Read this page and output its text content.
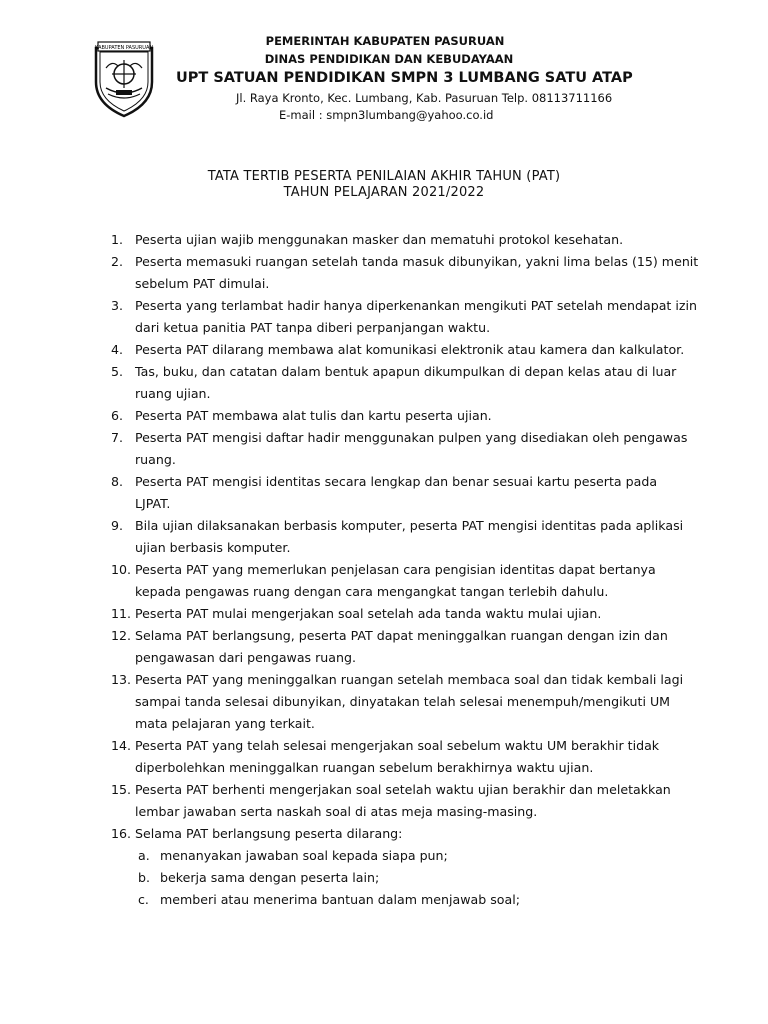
KABUPATEN PASURUAN	PEMERINTAH KABUPATEN PASURUAN
DINAS PENDIDIKAN DAN KEBUDAYAAN
UPT SATUAN PENDIDIKAN SMPN 3 LUMBANG SATU ATAP
Jl. Raya Kronto, Kec. Lumbang, Kab. Pasuruan Telp. 08113711166
E-mail : smpn3lumbang@yahoo.co.id
TATA TERTIB PESERTA PENILAIAN AKHIR TAHUN (PAT)
TAHUN PELAJARAN 2021/2022
1. Peserta ujian wajib menggunakan masker dan mematuhi protokol kesehatan.
2. Peserta memasuki ruangan setelah tanda masuk dibunyikan, yakni lima belas (15) menit
sebelum PAT dimulai.
3. Peserta yang terlambat hadir hanya diperkenankan mengikuti PAT setelah mendapat izin
dari ketua panitia PAT tanpa diberi perpanjangan waktu.
4. Peserta PAT dilarang membawa alat komunikasi elektronik atau kamera dan kalkulator.
5. Tas, buku, dan catatan dalam bentuk apapun dikumpulkan di depan kelas atau di luar
ruang ujian.
6. Peserta PAT membawa alat tulis dan kartu peserta ujian.
7. Peserta PAT mengisi daftar hadir menggunakan pulpen yang disediakan oleh pengawas
ruang.
8. Peserta PAT mengisi identitas secara lengkap dan benar sesuai kartu peserta pada
LJPAT.
9. Bila ujian dilaksanakan berbasis komputer, peserta PAT mengisi identitas pada aplikasi
ujian berbasis komputer.
10. Peserta PAT yang memerlukan penjelasan cara pengisian identitas dapat bertanya
kepada pengawas ruang dengan cara mengangkat tangan terlebih dahulu.
11. Peserta PAT mulai mengerjakan soal setelah ada tanda waktu mulai ujian.
12. Selama PAT berlangsung, peserta PAT dapat meninggalkan ruangan dengan izin dan
pengawasan dari pengawas ruang.
13. Peserta PAT yang meninggalkan ruangan setelah membaca soal dan tidak kembali lagi
sampai tanda selesai dibunyikan, dinyatakan telah selesai menempuh/mengikuti UM
mata pelajaran yang terkait.
14. Peserta PAT yang telah selesai mengerjakan soal sebelum waktu UM berakhir tidak
diperbolehkan meninggalkan ruangan sebelum berakhirnya waktu ujian.
15. Peserta PAT berhenti mengerjakan soal setelah waktu ujian berakhir dan meletakkan
lembar jawaban serta naskah soal di atas meja masing-masing.
16. Selama PAT berlangsung peserta dilarang:
a. menanyakan jawaban soal kepada siapa pun;
b. bekerja sama dengan peserta lain;
c. memberi atau menerima bantuan dalam menjawab soal;
